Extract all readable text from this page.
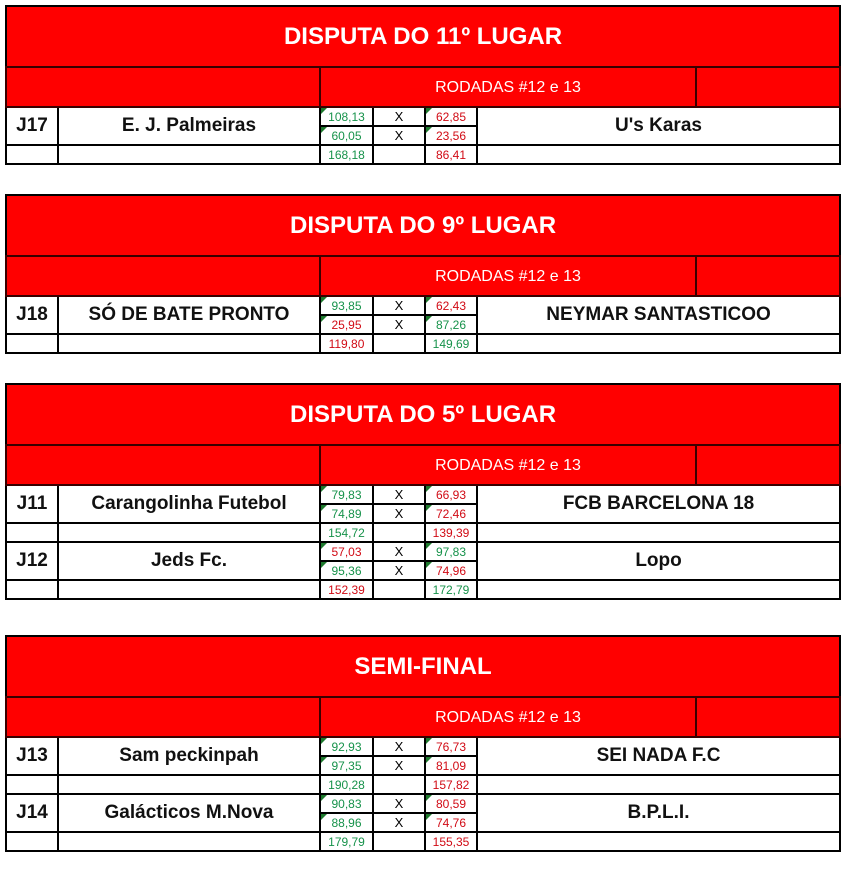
DISPUTA DO 11º LUGAR					

		RODADAS #12 e 13			

J17	E. J. Palmeiras	108,13	X	62,85	U's Karas
		60,05	X	23,56	
		168,18		86,41	
DISPUTA DO 9º LUGAR					

		RODADAS #12 e 13			

J18	SÓ DE BATE PRONTO	93,85	X	62,43	NEYMAR SANTASTICOO
		25,95	X	87,26	
		119,80		149,69	
DISPUTA DO 5º LUGAR					

		RODADAS #12 e 13			

J11	Carangolinha Futebol	79,83	X	66,93	FCB BARCELONA 18
		74,89	X	72,46	
		154,72		139,39	
J12	Jeds Fc.	57,03	X	97,83	Lopo
		95,36	X	74,96	
		152,39		172,79	
SEMI-FINAL					

		RODADAS #12 e 13			

J13	Sam peckinpah	92,93	X	76,73	SEI NADA F.C
		97,35	X	81,09	
		190,28		157,82	
J14	Galácticos M.Nova	90,83	X	80,59	B.P.L.I.
		88,96	X	74,76	
		179,79		155,35	
